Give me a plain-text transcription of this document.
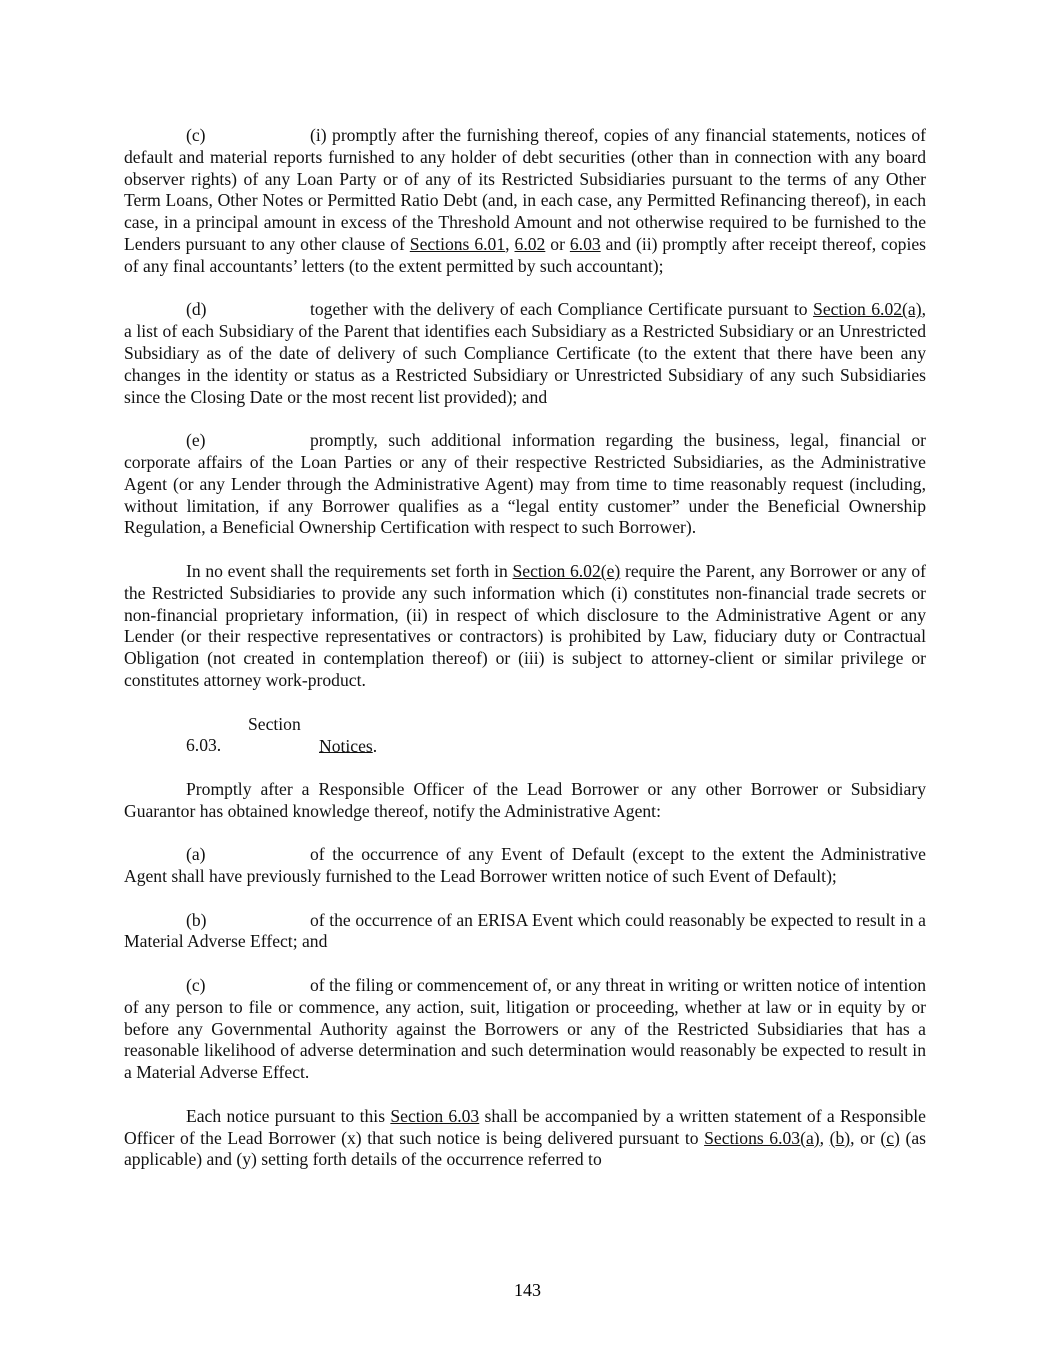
(c)	(i) promptly after the furnishing thereof, copies of any financial statements, notices of default and material reports furnished to any holder of debt securities (other than in connection with any board observer rights) of any Loan Party or of any of its Restricted Subsidiaries pursuant to the terms of any Other Term Loans, Other Notes or Permitted Ratio Debt (and, in each case, any Permitted Refinancing thereof), in each case, in a principal amount in excess of the Threshold Amount and not otherwise required to be furnished to the Lenders pursuant to any other clause of Sections 6.01, 6.02 or 6.03 and (ii) promptly after receipt thereof, copies of any final accountants’ letters (to the extent permitted by such accountant);

(d)	together with the delivery of each Compliance Certificate pursuant to Section 6.02(a), a list of each Subsidiary of the Parent that identifies each Subsidiary as a Restricted Subsidiary or an Unrestricted Subsidiary as of the date of delivery of such Compliance Certificate (to the extent that there have been any changes in the identity or status as a Restricted Subsidiary or Unrestricted Subsidiary of any such Subsidiaries since the Closing Date or the most recent list provided); and

(e)	promptly, such additional information regarding the business, legal, financial or corporate affairs of the Loan Parties or any of their respective Restricted Subsidiaries, as the Administrative Agent (or any Lender through the Administrative Agent) may from time to time reasonably request (including, without limitation, if any Borrower qualifies as a “legal entity customer” under the Beneficial Ownership Regulation, a Beneficial Ownership Certification with respect to such Borrower).

In no event shall the requirements set forth in Section 6.02(e) require the Parent, any Borrower or any of the Restricted Subsidiaries to provide any such information which (i) constitutes non-financial trade secrets or non-financial proprietary information, (ii) in respect of which disclosure to the Administrative Agent or any Lender (or their respective representatives or contractors) is prohibited by Law, fiduciary duty or Contractual Obligation (not created in contemplation thereof) or (iii) is subject to attorney-client or similar privilege or constitutes attorney work-product.

Section 6.03.	Notices.

Promptly after a Responsible Officer of the Lead Borrower or any other Borrower or Subsidiary Guarantor has obtained knowledge thereof, notify the Administrative Agent:

(a)	of the occurrence of any Event of Default (except to the extent the Administrative Agent shall have previously furnished to the Lead Borrower written notice of such Event of Default);

(b)	of the occurrence of an ERISA Event which could reasonably be expected to result in a Material Adverse Effect; and

(c)	of the filing or commencement of, or any threat in writing or written notice of intention of any person to file or commence, any action, suit, litigation or proceeding, whether at law or in equity by or before any Governmental Authority against the Borrowers or any of the Restricted Subsidiaries that has a reasonable likelihood of adverse determination and such determination would reasonably be expected to result in a Material Adverse Effect.

Each notice pursuant to this Section 6.03 shall be accompanied by a written statement of a Responsible Officer of the Lead Borrower (x) that such notice is being delivered pursuant to Sections 6.03(a), (b), or (c) (as applicable) and (y) setting forth details of the occurrence referred to

143
